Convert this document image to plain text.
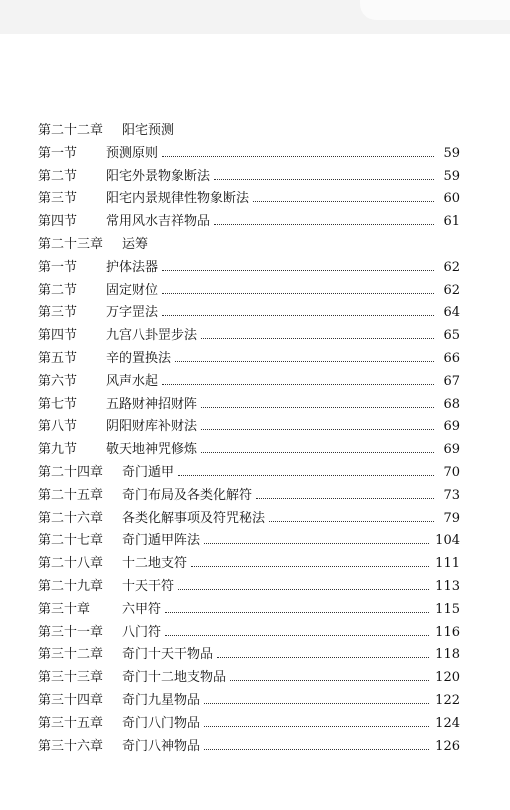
第二十二章	阳宅预测
第一节	预测原则	59
第二节	阳宅外景物象断法	59
第三节	阳宅内景规律性物象断法	60
第四节	常用风水吉祥物品	61
第二十三章	运筹
第一节	护体法器	62
第二节	固定财位	62
第三节	万字罡法	64
第四节	九宫八卦罡步法	65
第五节	辛的置换法	66
第六节	风声水起	67
第七节	五路财神招财阵	68
第八节	阴阳财库补财法	69
第九节	敬天地神咒修炼	69
第二十四章	奇门遁甲	70
第二十五章	奇门布局及各类化解符	73
第二十六章	各类化解事项及符咒秘法	79
第二十七章	奇门遁甲阵法	104
第二十八章	十二地支符	111
第二十九章	十天干符	113
第三十章	六甲符	115
第三十一章	八门符	116
第三十二章	奇门十天干物品	118
第三十三章	奇门十二地支物品	120
第三十四章	奇门九星物品	122
第三十五章	奇门八门物品	124
第三十六章	奇门八神物品	126
